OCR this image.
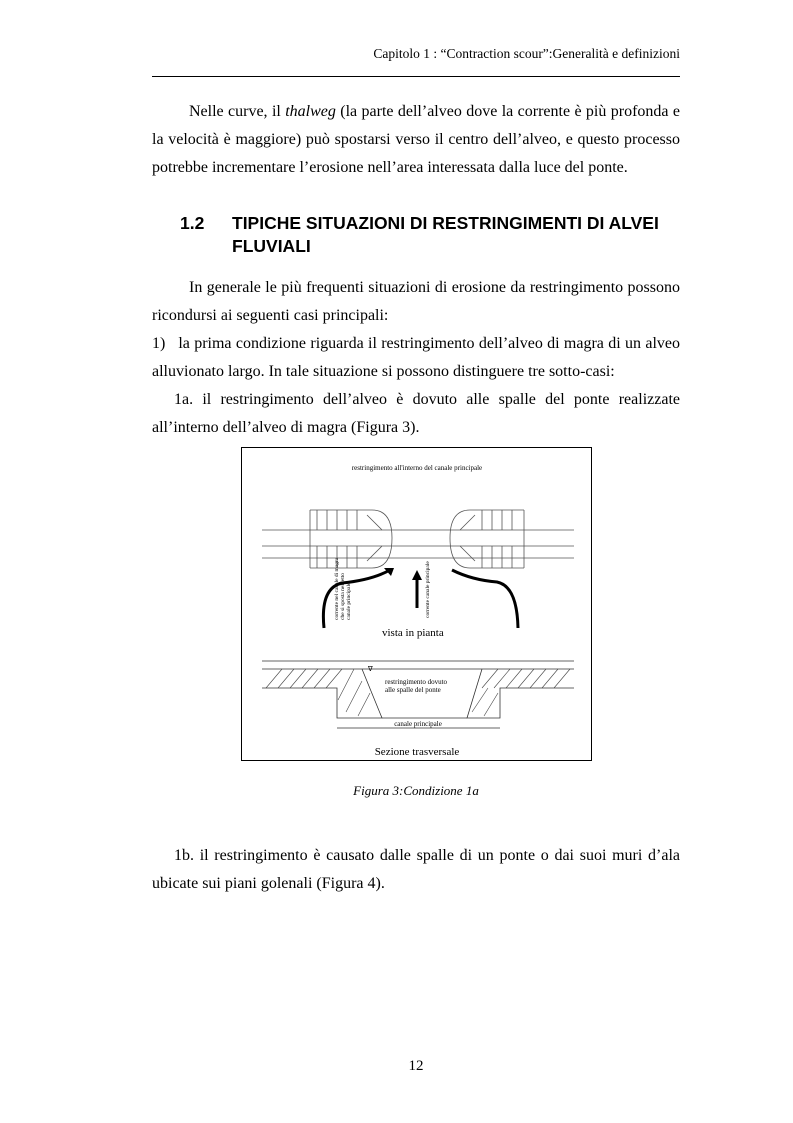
Capitolo 1 : “Contraction scour”:Generalità e definizioni

Nelle curve, il thalweg (la parte dell’alveo dove la corrente è più profonda e la velocità è maggiore) può spostarsi verso il centro dell’alveo, e questo processo potrebbe incrementare l’erosione nell’area interessata dalla luce del ponte.

1.2 TIPICHE SITUAZIONI DI RESTRINGIMENTI DI ALVEI FLUVIALI

In generale le più frequenti situazioni di erosione da restringimento possono ricondursi ai seguenti casi principali:

1)   la prima condizione riguarda il restringimento dell’alveo di magra di un alveo alluvionato largo. In tale situazione si possono distinguere tre sotto-casi:

1a. il restringimento dell’alveo è dovuto alle spalle del ponte realizzate all’interno dell’alveo di magra (Figura 3).

restringimento all'interno del canale principale
corrente nel canale di magra che si sposta nel letto canale principale	corrente canale principale
vista in pianta
∇
restringimento dovuto
alle spalle del ponte
canale principale
Sezione trasversale
Figura 3:Condizione 1a

1b. il restringimento è causato dalle spalle di un ponte o dai suoi muri d’ala ubicate sui piani golenali (Figura 4).

12
